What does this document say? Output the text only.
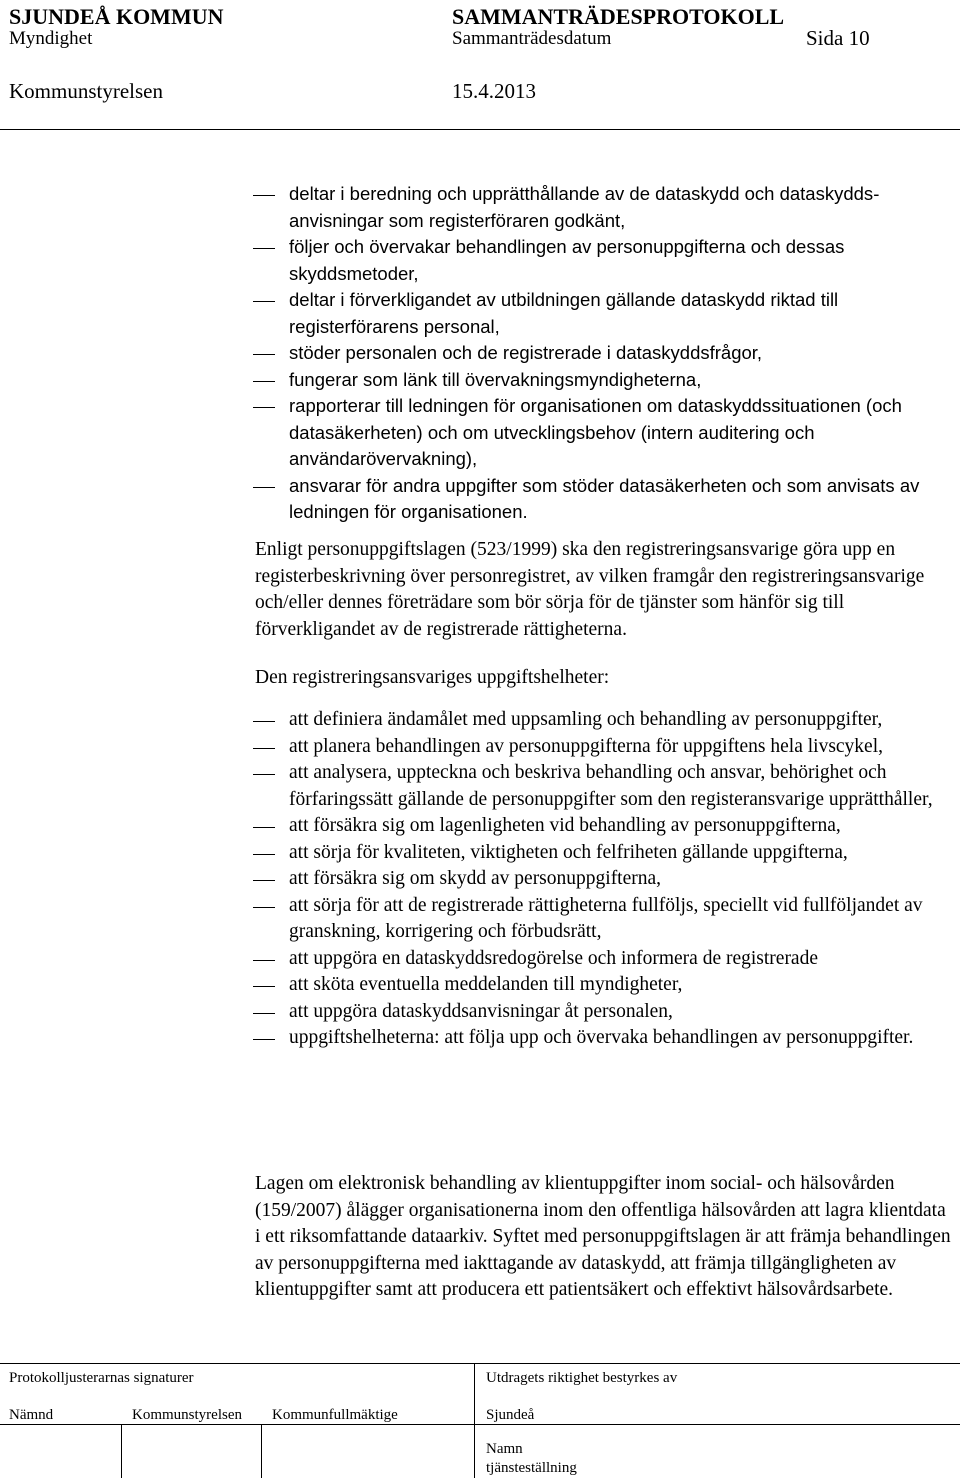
SJUNDEÅ KOMMUN	SAMMANTRÄDESPROTOKOLL
Myndighet	Sammanträdesdatum	Sida 10
Kommunstyrelsen	15.4.2013
deltar i beredning och upprätthållande av de dataskydd och dataskyddsanvisningar som registerföraren godkänt,
följer och övervakar behandlingen av personuppgifterna och dessas skyddsmetoder,
deltar i förverkligandet av utbildningen gällande dataskydd riktad till registerförarens personal,
stöder personalen och de registrerade i dataskyddsfrågor,
fungerar som länk till övervakningsmyndigheterna,
rapporterar till ledningen för organisationen om dataskyddssituationen (och datasäkerheten) och om utvecklingsbehov (intern auditering och användarövervakning),
ansvarar för andra uppgifter som stöder datasäkerheten och som anvisats av ledningen för organisationen.
Enligt personuppgiftslagen (523/1999) ska den registreringsansvarige göra upp en registerbeskrivning över personregistret, av vilken framgår den registreringsansvarige och/eller dennes företrädare som bör sörja för de tjänster som hänför sig till förverkligandet av de registrerade rättigheterna.
Den registreringsansvariges uppgiftshelheter:
att definiera ändamålet med uppsamling och behandling av personuppgifter,
att planera behandlingen av personuppgifterna för uppgiftens hela livscykel,
att analysera, uppteckna och beskriva behandling och ansvar, behörighet och förfaringssätt gällande de personuppgifter som den registeransvarige upprätthåller,
att försäkra sig om lagenligheten vid behandling av personuppgifterna,
att sörja för kvaliteten, viktigheten och felfriheten gällande uppgifterna,
att försäkra sig om skydd av personuppgifterna,
att sörja för att de registrerade rättigheterna fullföljs, speciellt vid fullföljandet av granskning, korrigering och förbudsrätt,
att uppgöra en dataskyddsredogörelse och informera de registrerade
att sköta eventuella meddelanden till myndigheter,
att uppgöra dataskyddsanvisningar åt personalen,
uppgiftshelheterna: att följa upp och övervaka behandlingen av personuppgifter.
Lagen om elektronisk behandling av klientuppgifter inom social- och hälsovården (159/2007) ålägger organisationerna inom den offentliga hälsovården att lagra klientdata i ett riksomfattande dataarkiv. Syftet med personuppgiftslagen är att främja behandlingen av personuppgifterna med iakttagande av dataskydd, att främja tillgängligheten av klientuppgifter samt att producera ett patientsäkert och effektivt hälsovårdsarbete.
Protokolljusterarnas signaturer	Utdragets riktighet bestyrkes av
Nämnd	Kommunstyrelsen Kommunfullmäktige	Sjundeå
Namn
tjänsteställning
